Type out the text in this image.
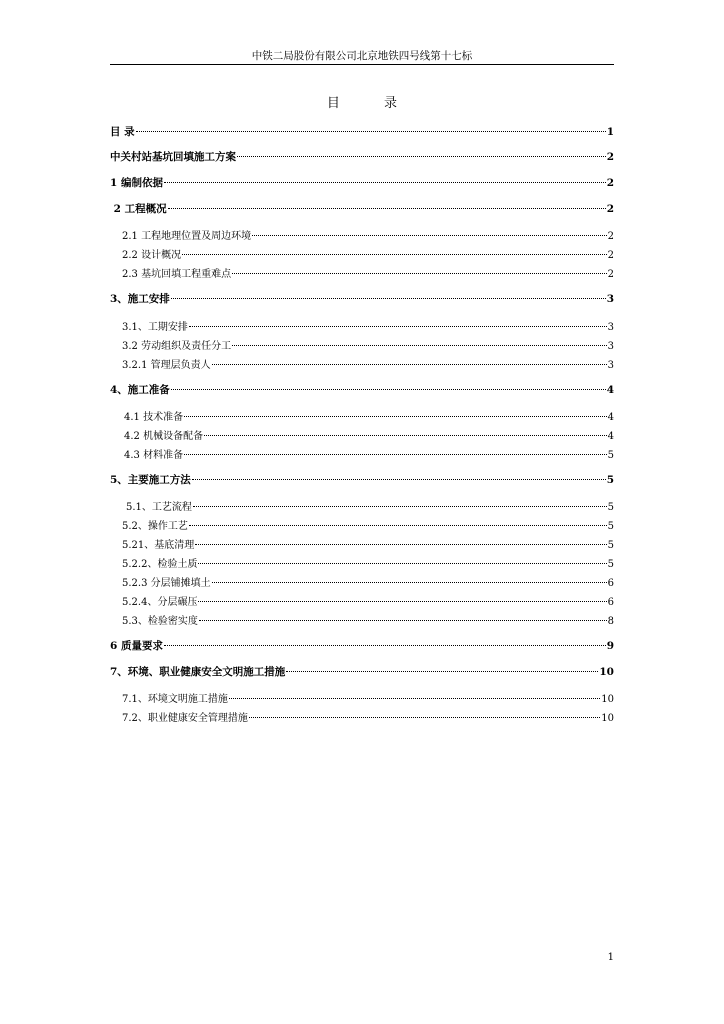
中铁二局股份有限公司北京地铁四号线第十七标
目 录
目 录	1
中关村站基坑回填施工方案	2
1 编制依据	2
2 工程概况	2
2.1 工程地理位置及周边环境	2
2.2 设计概况	2
2.3 基坑回填工程重难点	2
3、施工安排	3
3.1、工期安排	3
3.2 劳动组织及责任分工	3
3.2.1 管理层负责人	3
4、施工准备	4
4.1 技术准备	4
4.2 机械设备配备	4
4.3 材料准备	5
5、主要施工方法	5
5.1、工艺流程	5
5.2、操作工艺	5
5.21、基底清理	5
5.2.2、检验土质	5
5.2.3 分层铺摊填土	6
5.2.4、分层碾压	6
5.3、检验密实度	8
6 质量要求	9
7、环境、职业健康安全文明施工措施	10
7.1、环境文明施工措施	10
7.2、职业健康安全管理措施	10
1
